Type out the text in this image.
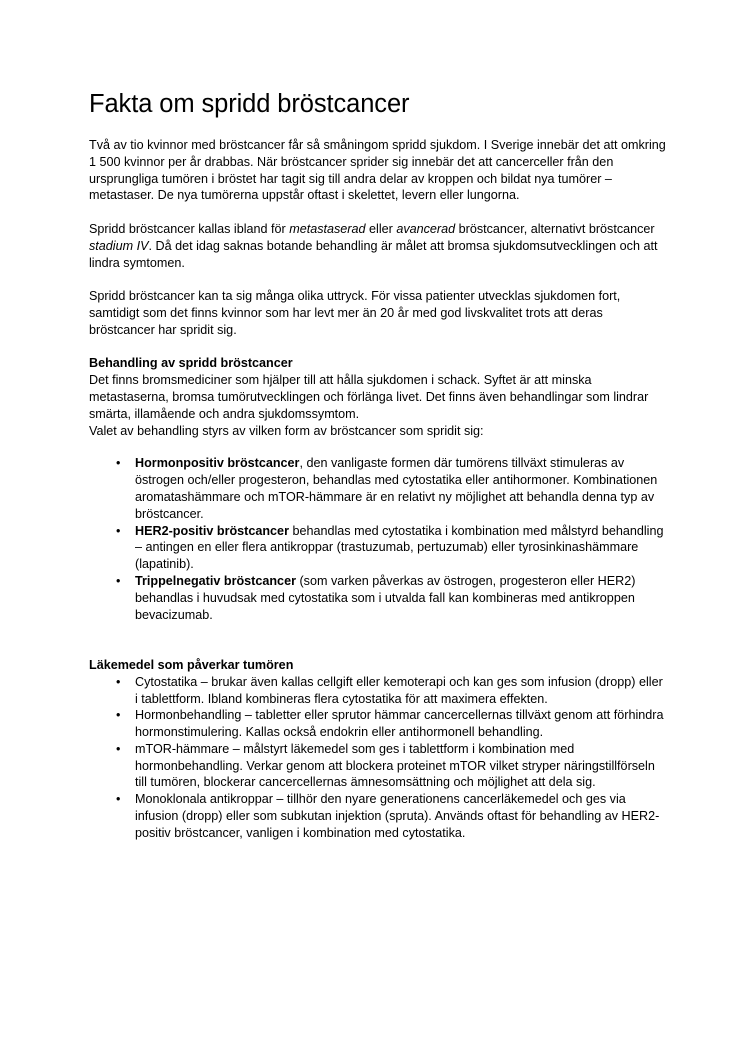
Fakta om spridd bröstcancer

Två av tio kvinnor med bröstcancer får så småningom spridd sjukdom. I Sverige innebär det att omkring 1 500 kvinnor per år drabbas. När bröstcancer sprider sig innebär det att cancerceller från den ursprungliga tumören i bröstet har tagit sig till andra delar av kroppen och bildat nya tumörer – metastaser. De nya tumörerna uppstår oftast i skelettet, levern eller lungorna.

Spridd bröstcancer kallas ibland för metastaserad eller avancerad bröstcancer, alternativt bröstcancer stadium IV. Då det idag saknas botande behandling är målet att bromsa sjukdomsutvecklingen och att lindra symtomen.

Spridd bröstcancer kan ta sig många olika uttryck. För vissa patienter utvecklas sjukdomen fort, samtidigt som det finns kvinnor som har levt mer än 20 år med god livskvalitet trots att deras bröstcancer har spridit sig.

Behandling av spridd bröstcancer

Det finns bromsmediciner som hjälper till att hålla sjukdomen i schack. Syftet är att minska metastaserna, bromsa tumörutvecklingen och förlänga livet. Det finns även behandlingar som lindrar smärta, illamående och andra sjukdomssymtom.

Valet av behandling styrs av vilken form av bröstcancer som spridit sig:

• Hormonpositiv bröstcancer, den vanligaste formen där tumörens tillväxt stimuleras av östrogen och/eller progesteron, behandlas med cytostatika eller antihormoner. Kombinationen aromatashämmare och mTOR-hämmare är en relativt ny möjlighet att behandla denna typ av bröstcancer.
• HER2-positiv bröstcancer behandlas med cytostatika i kombination med målstyrd behandling – antingen en eller flera antikroppar (trastuzumab, pertuzumab) eller tyrosinkinashämmare (lapatinib).
• Trippelnegativ bröstcancer (som varken påverkas av östrogen, progesteron eller HER2) behandlas i huvudsak med cytostatika som i utvalda fall kan kombineras med antikroppen bevacizumab.

Läkemedel som påverkar tumören

• Cytostatika – brukar även kallas cellgift eller kemoterapi och kan ges som infusion (dropp) eller i tablettform. Ibland kombineras flera cytostatika för att maximera effekten.
• Hormonbehandling – tabletter eller sprutor hämmar cancercellernas tillväxt genom att förhindra hormonstimulering. Kallas också endokrin eller antihormonell behandling.
• mTOR-hämmare – målstyrt läkemedel som ges i tablettform i kombination med hormonbehandling. Verkar genom att blockera proteinet mTOR vilket stryper näringstillförseln till tumören, blockerar cancercellernas ämnesomsättning och möjlighet att dela sig.
• Monoklonala antikroppar – tillhör den nyare generationens cancerläkemedel och ges via infusion (dropp) eller som subkutan injektion (spruta). Används oftast för behandling av HER2-positiv bröstcancer, vanligen i kombination med cytostatika.
